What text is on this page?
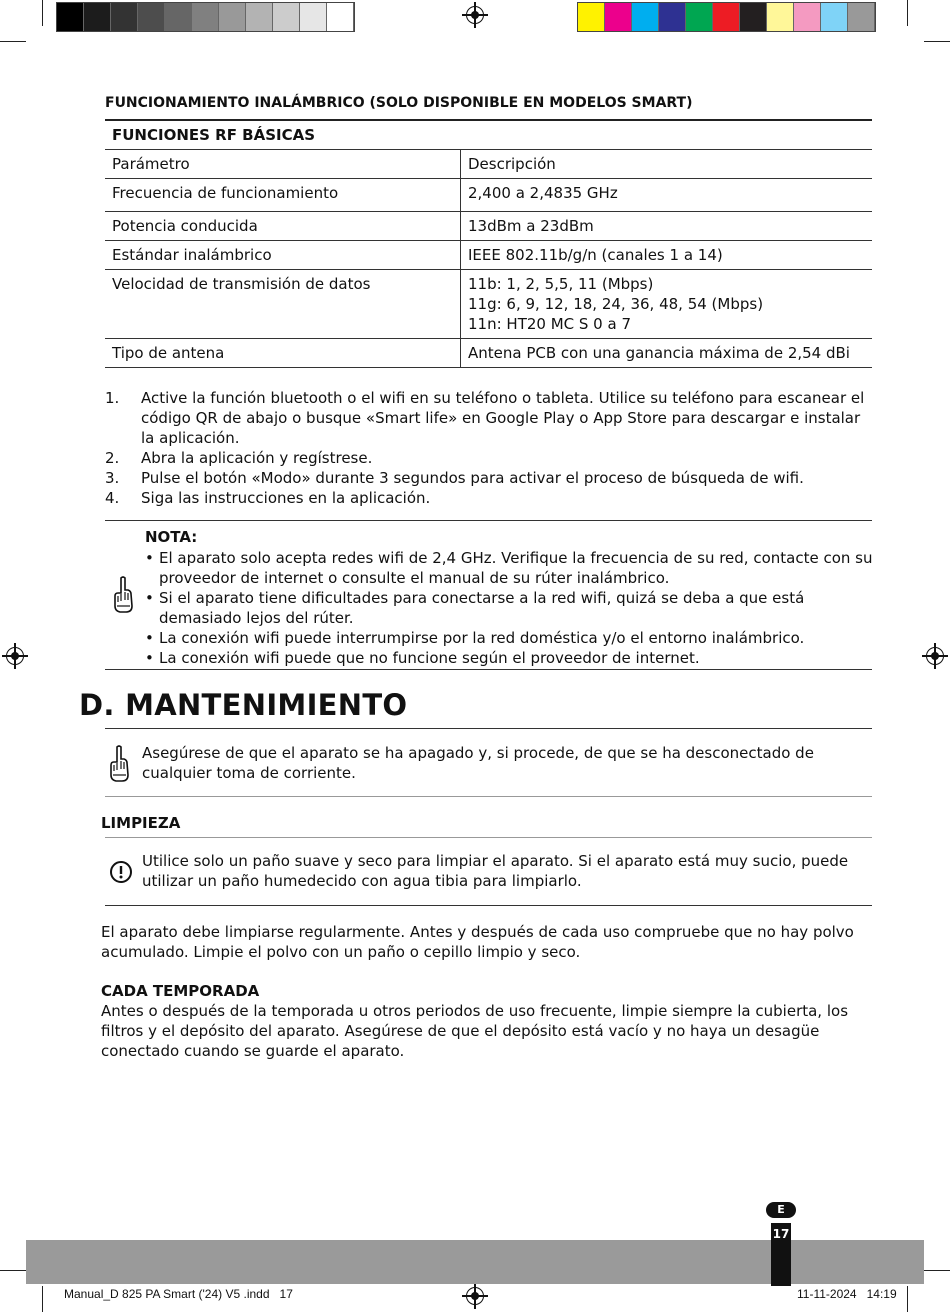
FUNCIONAMIENTO INALÁMBRICO (SOLO DISPONIBLE EN MODELOS SMART)
FUNCIONES RF BÁSICAS	
Parámetro	Descripción
Frecuencia de funcionamiento	2,400 a 2,4835 GHz
Potencia conducida	13dBm a 23dBm
Estándar inalámbrico	IEEE 802.11b/g/n (canales 1 a 14)
Velocidad de transmisión de datos	11b: 1, 2, 5,5, 11 (Mbps)
11g: 6, 9, 12, 18, 24, 36, 48, 54 (Mbps)
11n: HT20 MC S 0 a 7

Tipo de antena	Antena PCB con una ganancia máxima de 2,54 dBi
1.	Active la función bluetooth o el wifi en su teléfono o tableta. Utilice su teléfono para escanear el código QR de abajo o busque «Smart life» en Google Play o App Store para descargar e instalar la aplicación.
2.	Abra la aplicación y regístrese.
3.	Pulse el botón «Modo» durante 3 segundos para activar el proceso de búsqueda de wifi.
4.	Siga las instrucciones en la aplicación.
NOTA:
• El aparato solo acepta redes wifi de 2,4 GHz. Verifique la frecuencia de su red, contacte con su proveedor de internet o consulte el manual de su rúter inalámbrico.
• Si el aparato tiene dificultades para conectarse a la red wifi, quizá se deba a que está demasiado lejos del rúter.
• La conexión wifi puede interrumpirse por la red doméstica y/o el entorno inalámbrico.
• La conexión wifi puede que no funcione según el proveedor de internet.
D. MANTENIMIENTO
Asegúrese de que el aparato se ha apagado y, si procede, de que se ha desconectado de cualquier toma de corriente.
LIMPIEZA
Utilice solo un paño suave y seco para limpiar el aparato. Si el aparato está muy sucio, puede utilizar un paño humedecido con agua tibia para limpiarlo.
El aparato debe limpiarse regularmente. Antes y después de cada uso compruebe que no hay polvo acumulado. Limpie el polvo con un paño o cepillo limpio y seco.
CADA TEMPORADA
Antes o después de la temporada u otros periodos de uso frecuente, limpie siempre la cubierta, los filtros y el depósito del aparato. Asegúrese de que el depósito está vacío y no haya un desagüe conectado cuando se guarde el aparato.
E
17
Manual_D 825 PA Smart ('24) V5 .indd   17	11-11-2024   14:19
